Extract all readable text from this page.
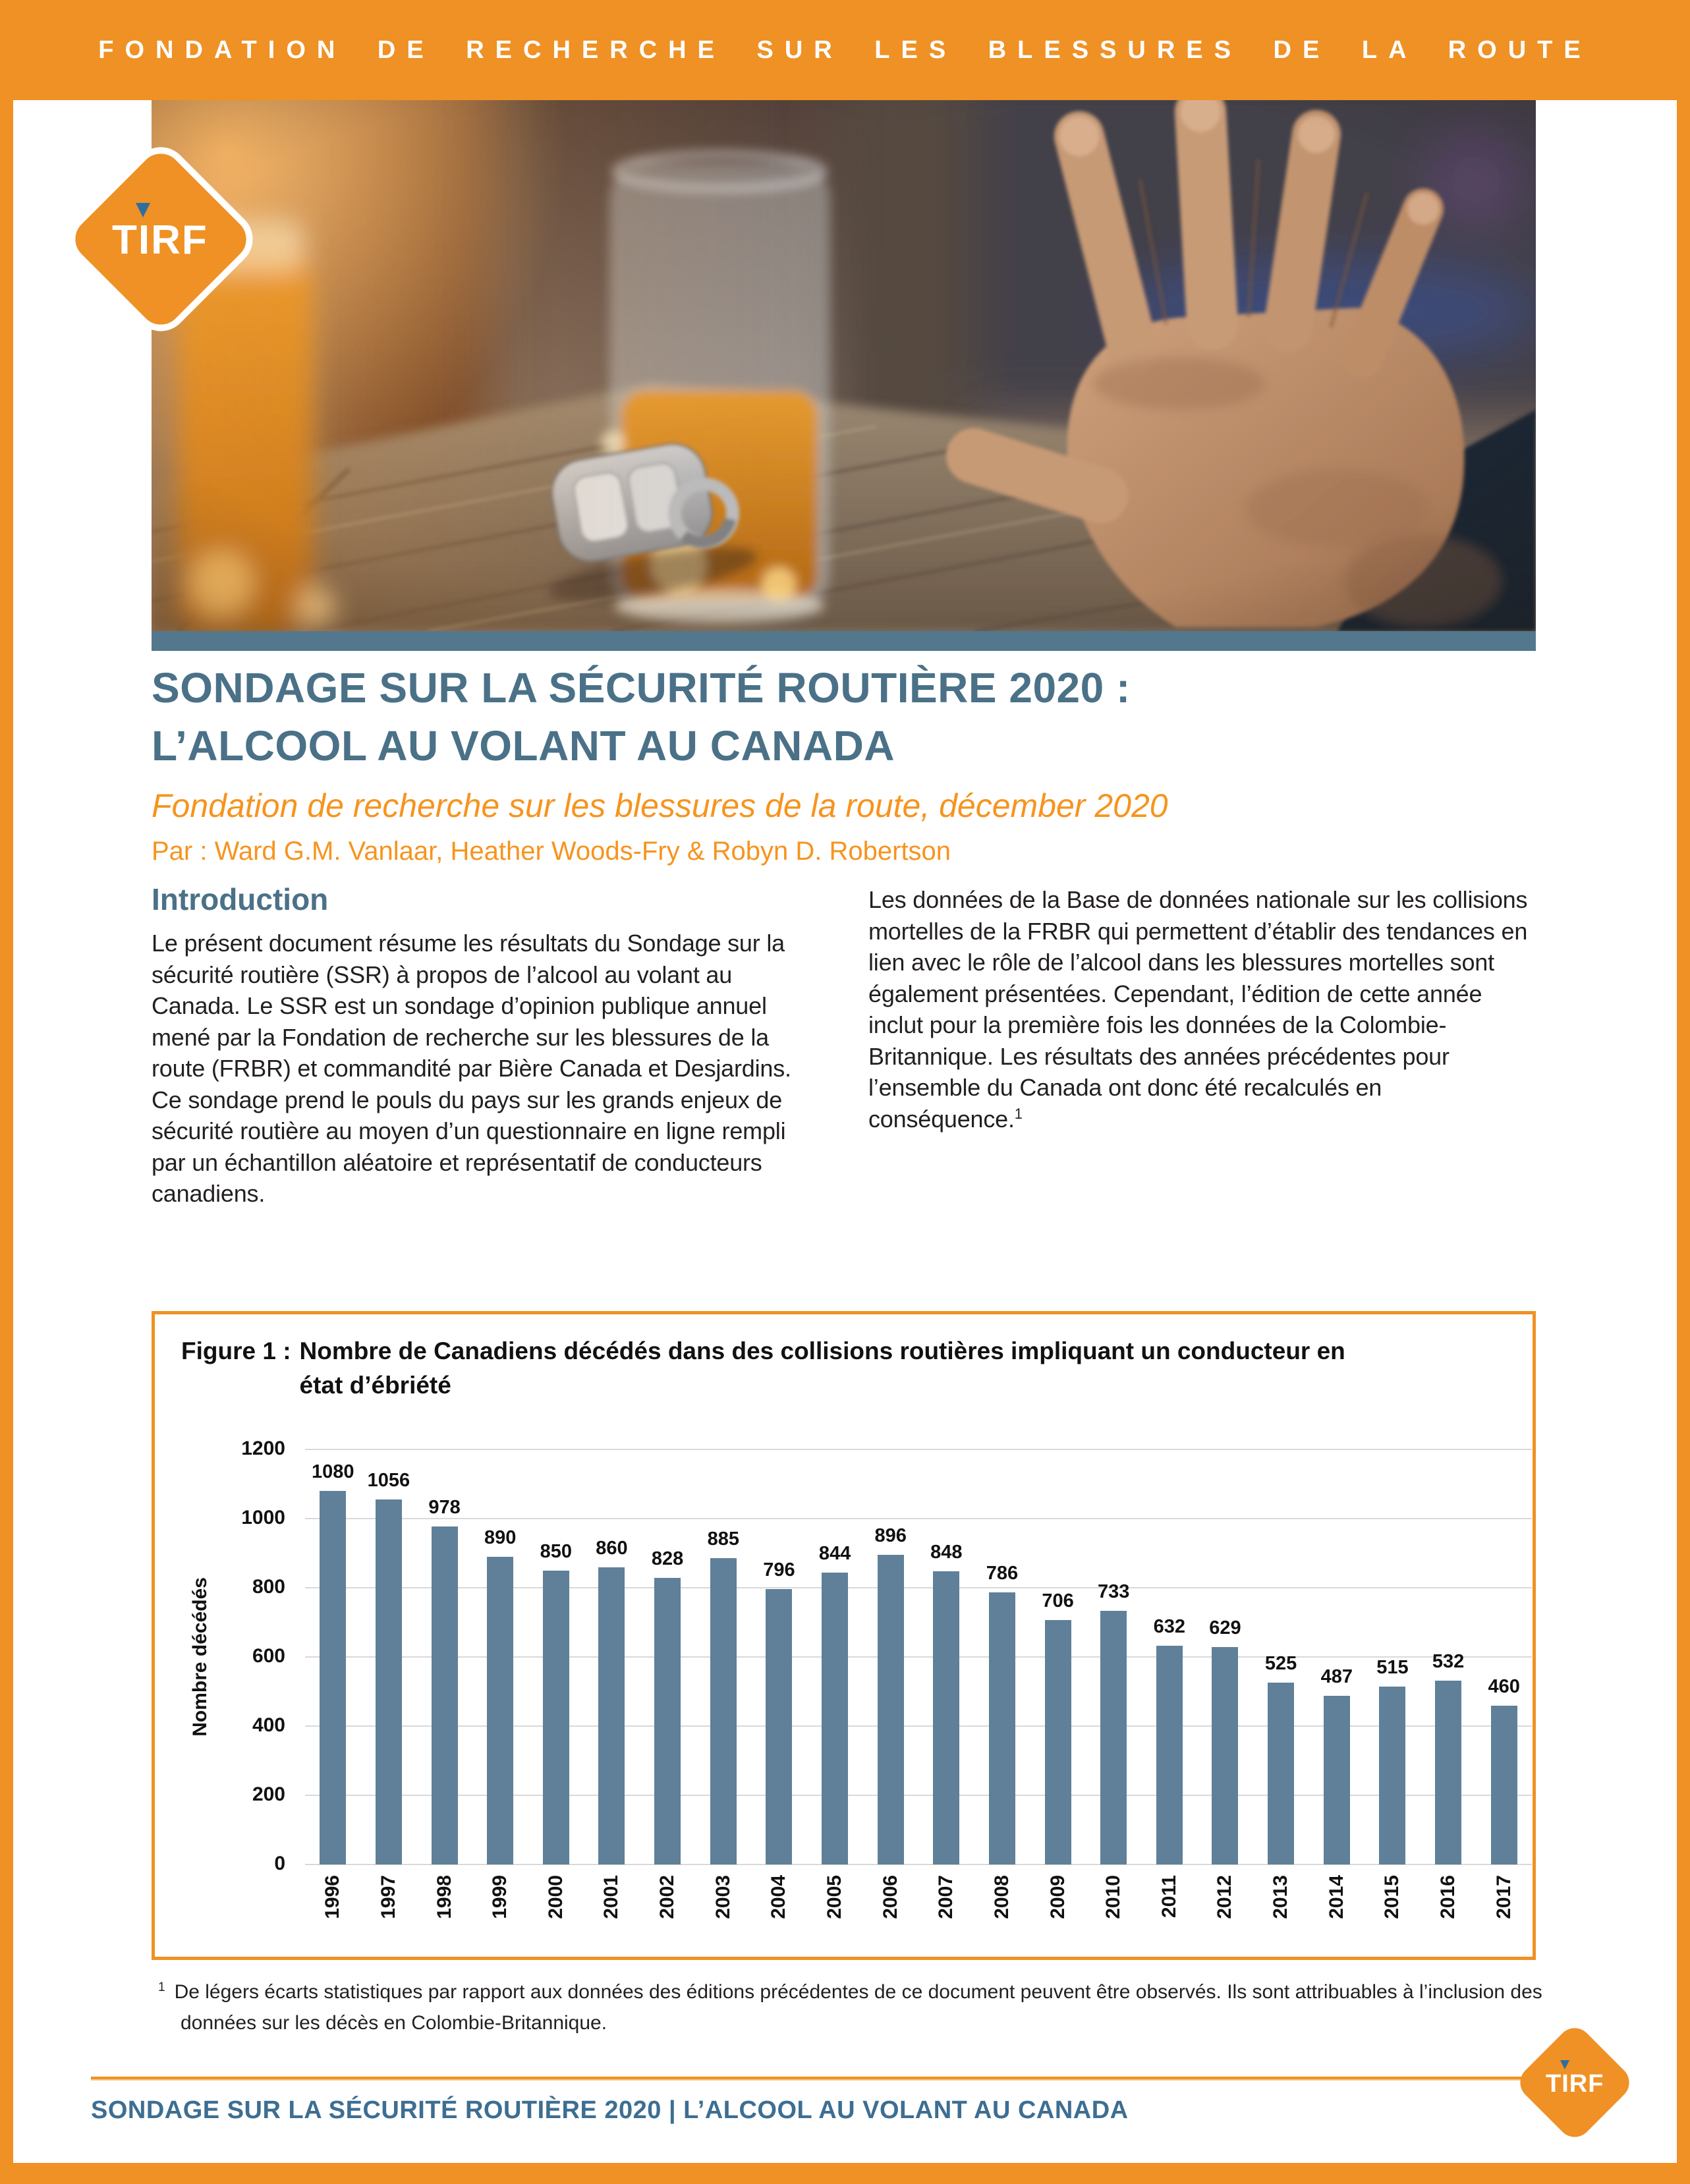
FONDATION DE RECHERCHE SUR LES BLESSURES DE LA ROUTE
TIRF
SONDAGE SUR LA SÉCURITÉ ROUTIÈRE 2020 :
L’ALCOOL AU VOLANT AU CANADA
Fondation de recherche sur les blessures de la route, décember 2020
Par : Ward G.M. Vanlaar, Heather Woods-Fry & Robyn D. Robertson
Introduction
Le présent document résume les résultats du Sondage sur la sécurité routière (SSR) à propos de l’alcool au volant au Canada. Le SSR est un sondage d’opinion publique annuel mené par la Fondation de recherche sur les blessures de la route (FRBR) et commandité par Bière Canada et Desjardins. Ce sondage prend le pouls du pays sur les grands enjeux de sécurité routière au moyen d’un questionnaire en ligne rempli par un échantillon aléatoire et représentatif de conducteurs canadiens.
Les données de la Base de données nationale sur les collisions mortelles de la FRBR qui permettent d’établir des tendances en lien avec le rôle de l’alcool dans les blessures mortelles sont également présentées. Cependant, l’édition de cette année inclut pour la première fois les données de la Colombie-Britannique. Les résultats des années précédentes pour l’ensemble du Canada ont donc été recalculés en conséquence.$^1$
Figure 1 : Nombre de Canadiens décédés dans des collisions routières impliquant un conducteur en état d’ébriété
Nombre décédés
0
200
400
600
800
1000
1200
1080
1996
1056
1997
978
1998
890
1999
850
2000
860
2001
828
2002
885
2003
796
2004
844
2005
896
2006
848
2007
786
2008
706
2009
733
2010
632
2011
629
2012
525
2013
487
2014
515
2015
532
2016
460
2017
$^1$ De légers écarts statistiques par rapport aux données des éditions précédentes de ce document peuvent être observés. Ils sont attribuables à l’inclusion des données sur les décès en Colombie-Britannique.
SONDAGE SUR LA SÉCURITÉ ROUTIÈRE 2020 | L’ALCOOL AU VOLANT AU CANADA
TIRF
